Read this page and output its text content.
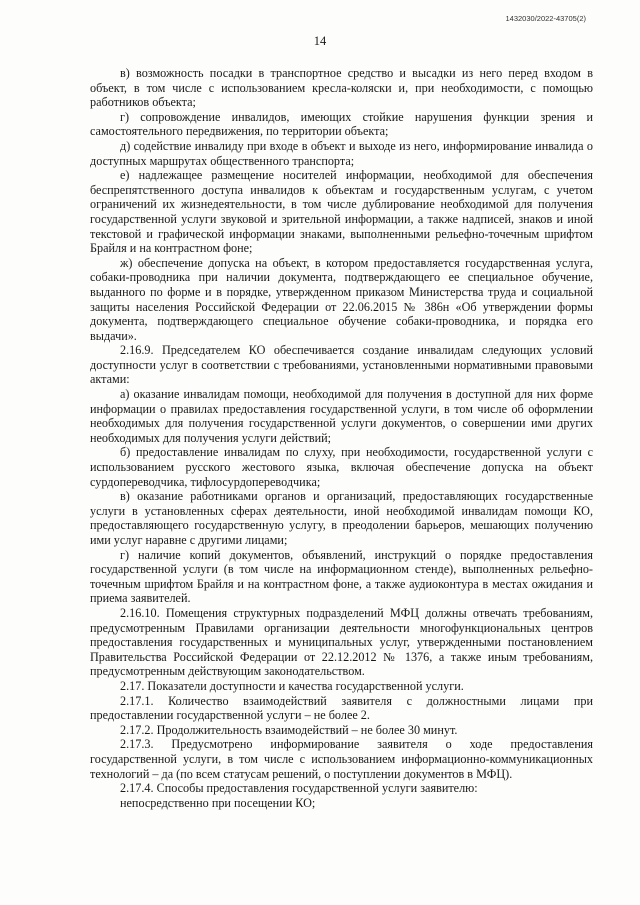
1432030/2022-43705(2)
14

в) возможность посадки в транспортное средство и высадки из него перед входом в объект, в том числе с использованием кресла-коляски и, при необходимости, с помощью работников объекта;

г) сопровождение инвалидов, имеющих стойкие нарушения функции зрения и самостоятельного передвижения, по территории объекта;

д) содействие инвалиду при входе в объект и выходе из него, информирование инвалида о доступных маршрутах общественного транспорта;

е) надлежащее размещение носителей информации, необходимой для обеспечения беспрепятственного доступа инвалидов к объектам и государственным услугам, с учетом ограничений их жизнедеятельности, в том числе дублирование необходимой для получения государственной услуги звуковой и зрительной информации, а также надписей, знаков и иной текстовой и графической информации знаками, выполненными рельефно-точечным шрифтом Брайля и на контрастном фоне;

ж) обеспечение допуска на объект, в котором предоставляется государственная услуга, собаки-проводника при наличии документа, подтверждающего ее специальное обучение, выданного по форме и в порядке, утвержденном приказом Министерства труда и социальной защиты населения Российской Федерации от 22.06.2015 № 386н «Об утверждении формы документа, подтверждающего специальное обучение собаки-проводника, и порядка его выдачи».

2.16.9. Председателем КО обеспечивается создание инвалидам следующих условий доступности услуг в соответствии с требованиями, установленными нормативными правовыми актами:

а) оказание инвалидам помощи, необходимой для получения в доступной для них форме информации о правилах предоставления государственной услуги, в том числе об оформлении необходимых для получения государственной услуги документов, о совершении ими других необходимых для получения услуги действий;

б) предоставление инвалидам по слуху, при необходимости, государственной услуги с использованием русского жестового языка, включая обеспечение допуска на объект сурдопереводчика, тифлосурдопереводчика;

в) оказание работниками органов и организаций, предоставляющих государственные услуги в установленных сферах деятельности, иной необходимой инвалидам помощи КО, предоставляющего государственную услугу, в преодолении барьеров, мешающих получению ими услуг наравне с другими лицами;

г) наличие копий документов, объявлений, инструкций о порядке предоставления государственной услуги (в том числе на информационном стенде), выполненных рельефно-точечным шрифтом Брайля и на контрастном фоне, а также аудиоконтура в местах ожидания и приема заявителей.

2.16.10. Помещения структурных подразделений МФЦ должны отвечать требованиям, предусмотренным Правилами организации деятельности многофункциональных центров предоставления государственных и муниципальных услуг, утвержденными постановлением Правительства Российской Федерации от 22.12.2012 № 1376, а также иным требованиям, предусмотренным действующим законодательством.

2.17. Показатели доступности и качества государственной услуги.

2.17.1. Количество взаимодействий заявителя с должностными лицами при предоставлении государственной услуги – не более 2.

2.17.2. Продолжительность взаимодействий – не более 30 минут.

2.17.3. Предусмотрено информирование заявителя о ходе предоставления государственной услуги, в том числе с использованием информационно-коммуникационных технологий – да (по всем статусам решений, о поступлении документов в МФЦ).

2.17.4. Способы предоставления государственной услуги заявителю:

непосредственно при посещении КО;
